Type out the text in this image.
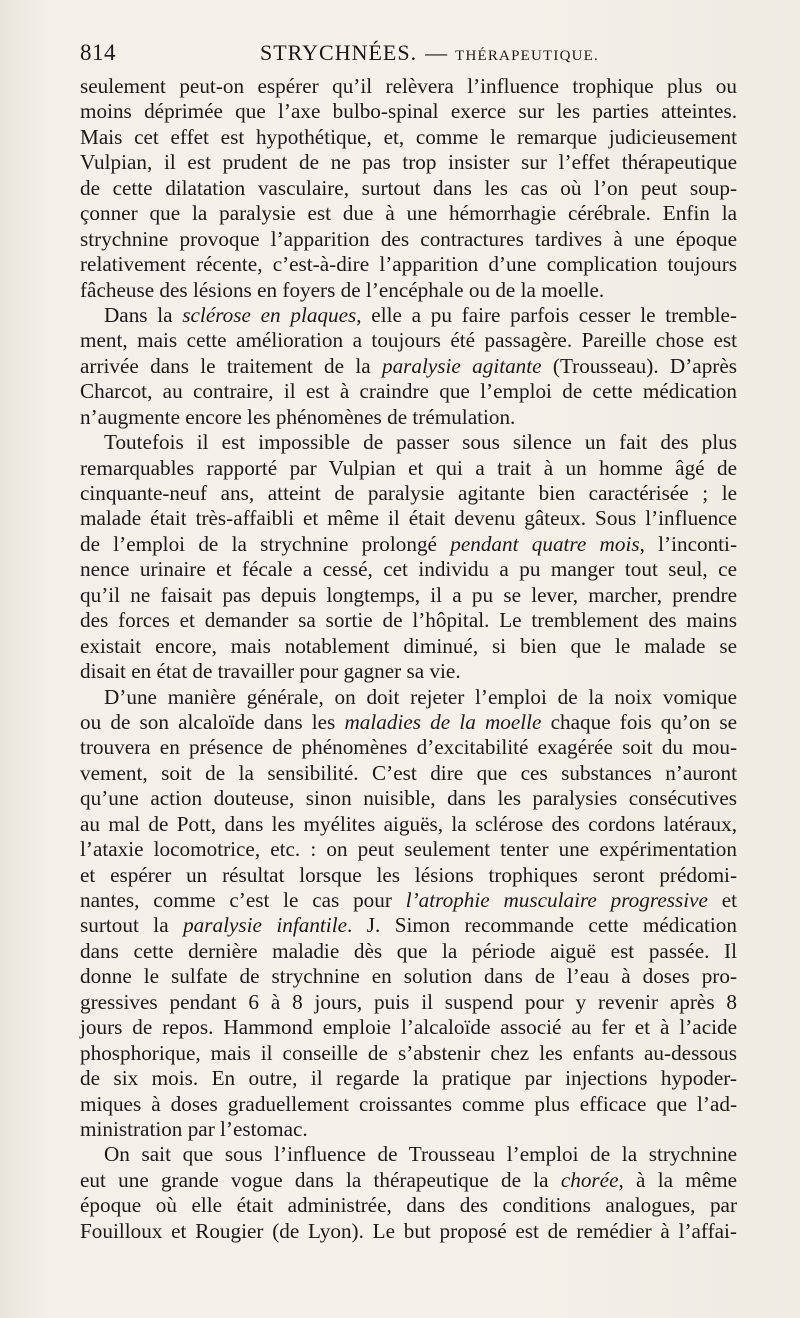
814	STRYCHNÉES. — THÉRAPEUTIQUE.
seulement peut-on espérer qu’il relèvera l’influence trophique plus ou
moins déprimée que l’axe bulbo-spinal exerce sur les parties atteintes.
Mais cet effet est hypothétique, et, comme le remarque judicieusement
Vulpian, il est prudent de ne pas trop insister sur l’effet thérapeutique
de cette dilatation vasculaire, surtout dans les cas où l’on peut soup-
çonner que la paralysie est due à une hémorrhagie cérébrale. Enfin la
strychnine provoque l’apparition des contractures tardives à une époque
relativement récente, c’est-à-dire l’apparition d’une complication toujours
fâcheuse des lésions en foyers de l’encéphale ou de la moelle.
Dans la sclérose en plaques, elle a pu faire parfois cesser le tremble-
ment, mais cette amélioration a toujours été passagère. Pareille chose est
arrivée dans le traitement de la paralysie agitante (Trousseau). D’après
Charcot, au contraire, il est à craindre que l’emploi de cette médication
n’augmente encore les phénomènes de trémulation.
Toutefois il est impossible de passer sous silence un fait des plus
remarquables rapporté par Vulpian et qui a trait à un homme âgé de
cinquante-neuf ans, atteint de paralysie agitante bien caractérisée ; le
malade était très-affaibli et même il était devenu gâteux. Sous l’influence
de l’emploi de la strychnine prolongé pendant quatre mois, l’inconti-
nence urinaire et fécale a cessé, cet individu a pu manger tout seul, ce
qu’il ne faisait pas depuis longtemps, il a pu se lever, marcher, prendre
des forces et demander sa sortie de l’hôpital. Le tremblement des mains
existait encore, mais notablement diminué, si bien que le malade se
disait en état de travailler pour gagner sa vie.
D’une manière générale, on doit rejeter l’emploi de la noix vomique
ou de son alcaloïde dans les maladies de la moelle chaque fois qu’on se
trouvera en présence de phénomènes d’excitabilité exagérée soit du mou-
vement, soit de la sensibilité. C’est dire que ces substances n’auront
qu’une action douteuse, sinon nuisible, dans les paralysies consécutives
au mal de Pott, dans les myélites aiguës, la sclérose des cordons latéraux,
l’ataxie locomotrice, etc. : on peut seulement tenter une expérimentation
et espérer un résultat lorsque les lésions trophiques seront prédomi-
nantes, comme c’est le cas pour l’atrophie musculaire progressive et
surtout la paralysie infantile. J. Simon recommande cette médication
dans cette dernière maladie dès que la période aiguë est passée. Il
donne le sulfate de strychnine en solution dans de l’eau à doses pro-
gressives pendant 6 à 8 jours, puis il suspend pour y revenir après 8
jours de repos. Hammond emploie l’alcaloïde associé au fer et à l’acide
phosphorique, mais il conseille de s’abstenir chez les enfants au-dessous
de six mois. En outre, il regarde la pratique par injections hypoder-
miques à doses graduellement croissantes comme plus efficace que l’ad-
ministration par l’estomac.
On sait que sous l’influence de Trousseau l’emploi de la strychnine
eut une grande vogue dans la thérapeutique de la chorée, à la même
époque où elle était administrée, dans des conditions analogues, par
Fouilloux et Rougier (de Lyon). Le but proposé est de remédier à l’affai-
